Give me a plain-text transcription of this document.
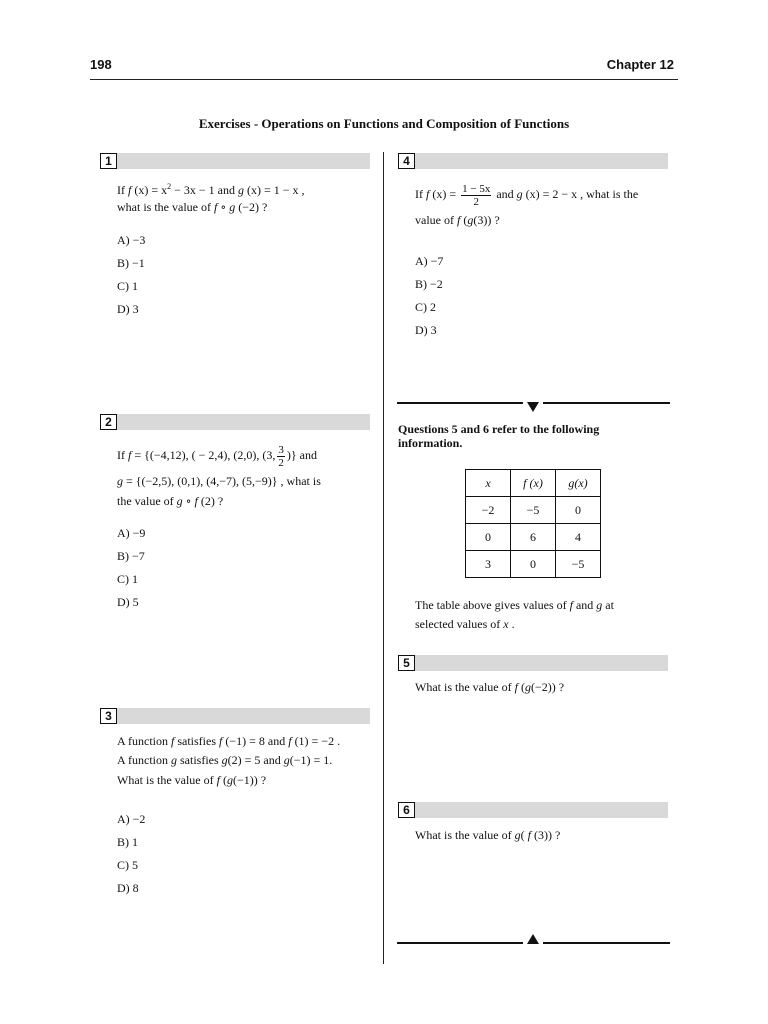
198	Chapter 12
Exercises - Operations on Functions and Composition of Functions
1
If f $(x) = x^2 - 3x - 1$ and g (x) = 1 − x ,
what is the value of f ∘ g (−2) ?
A) −3
B) −1
C) 1
D) 3
2
If f = {(−4,12), ( − 2,4), (2,0), (3, $\frac{3}{2}$ )} and
g = {(−2,5), (0,1), (4,−7), (5,−9)} , what is
the value of g ∘ f (2) ?
A) −9
B) −7
C) 1
D) 5
3
A function f satisfies f (−1) = 8 and f (1) = −2 .
A function g satisfies g(2) = 5 and g(−1) = 1.
What is the value of f (g(−1)) ?
A) −2
B) 1
C) 5
D) 8
4
If f $(x) = \frac{1 - 5x}{2}$ and g (x) = 2 − x , what is the
value of f (g(3)) ?
A) −7
B) −2
C) 2
D) 3
Questions 5 and 6 refer to the following
information.
x	f (x)	g(x)
−2	−5	0
0	6	4
3	0	−5
The table above gives values of f and g at
selected values of x .
5
What is the value of f (g(−2)) ?
6
What is the value of g( f (3)) ?
